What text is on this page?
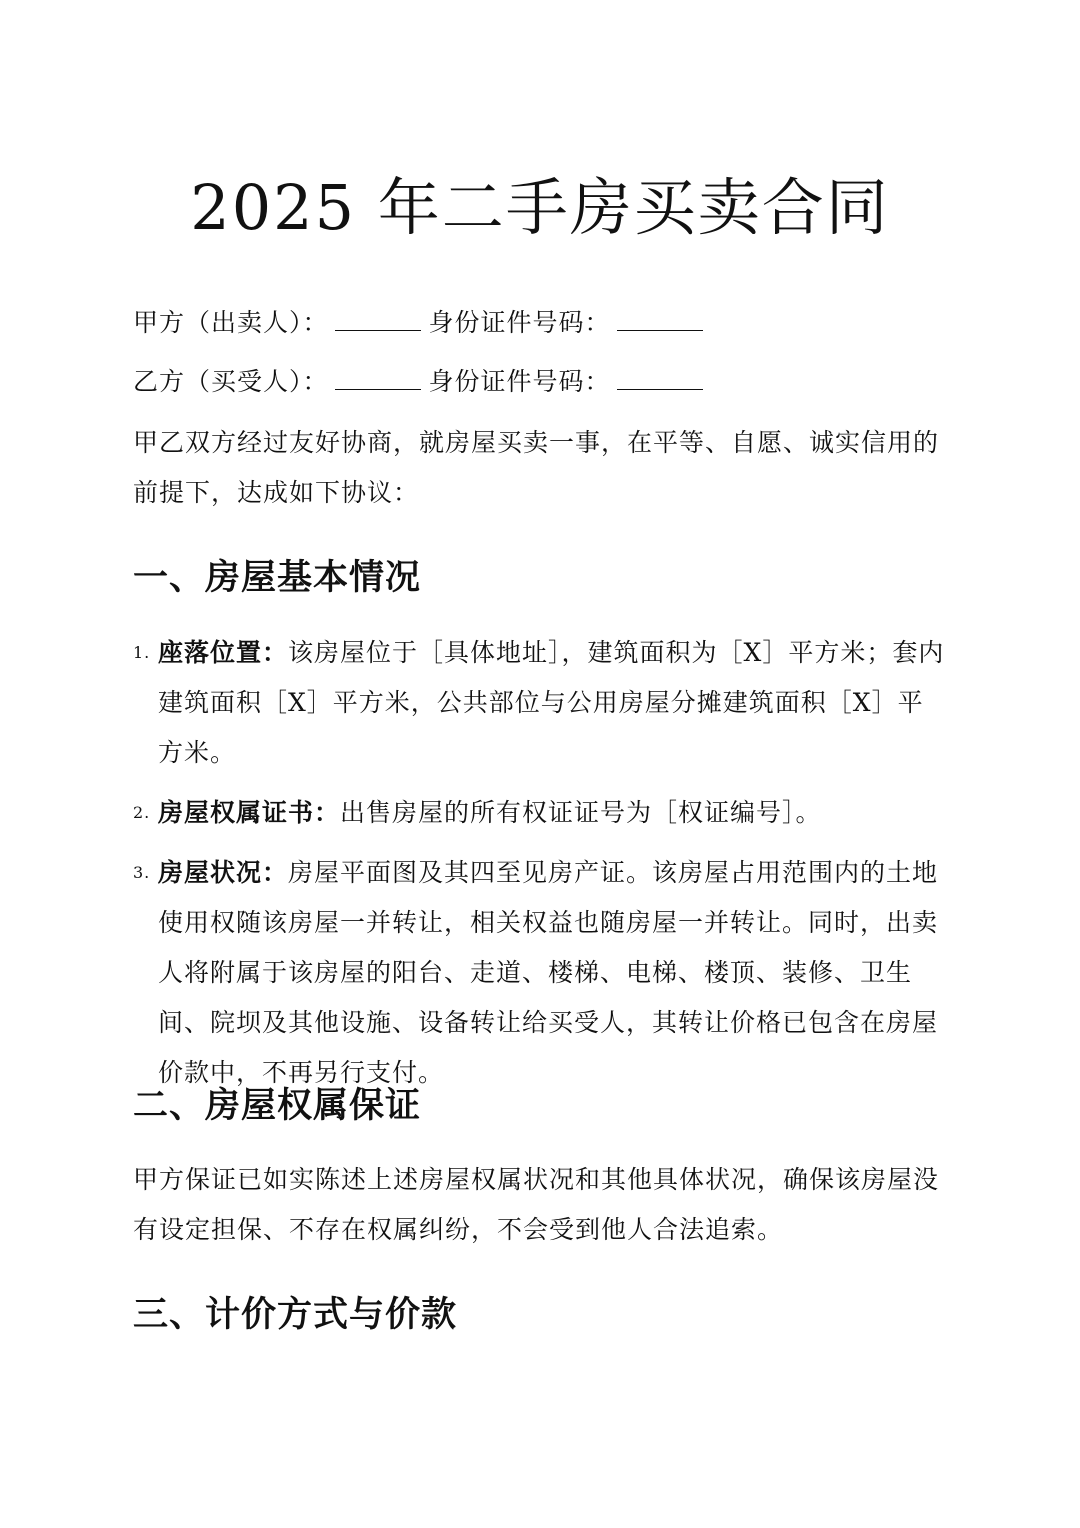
2025 年二手房买卖合同

甲方（出卖人）：	身份证件号码：

乙方（买受人）：	身份证件号码：

甲乙双方经过友好协商，就房屋买卖一事，在平等、自愿、诚实信用的前提下，达成如下协议：

一、房屋基本情况
1. 座落位置：该房屋位于［具体地址］，建筑面积为［X］平方米；套内建筑面积［X］平方米，公共部位与公用房屋分摊建筑面积［X］平方米。
2. 房屋权属证书：出售房屋的所有权证证号为［权证编号］。
3. 房屋状况：房屋平面图及其四至见房产证。该房屋占用范围内的土地使用权随该房屋一并转让，相关权益也随房屋一并转让。同时，出卖人将附属于该房屋的阳台、走道、楼梯、电梯、楼顶、装修、卫生间、院坝及其他设施、设备转让给买受人，其转让价格已包含在房屋价款中，不再另行支付。
二、房屋权属保证

甲方保证已如实陈述上述房屋权属状况和其他具体状况，确保该房屋没有设定担保、不存在权属纠纷，不会受到他人合法追索。

三、计价方式与价款
